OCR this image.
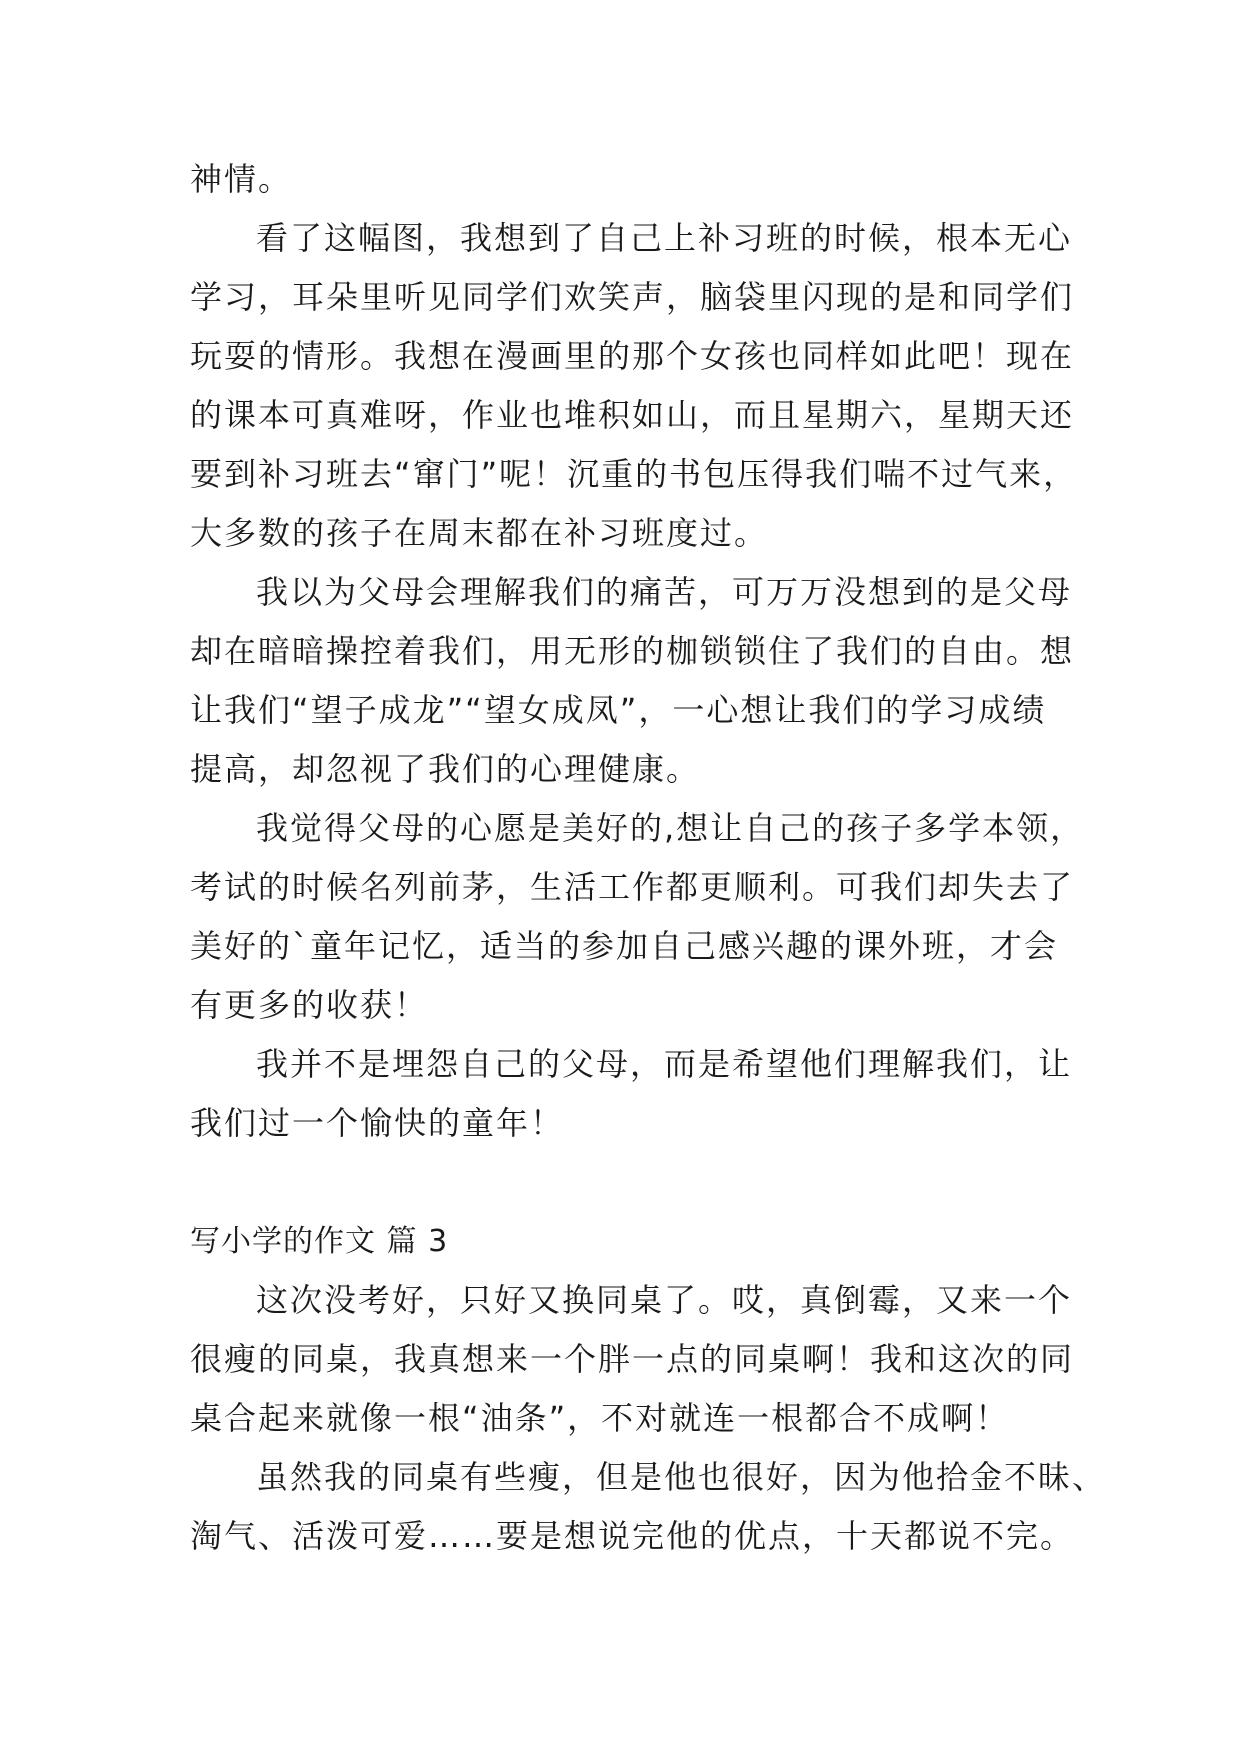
神情。
看了这幅图，我想到了自己上补习班的时候，根本无心
学习，耳朵里听见同学们欢笑声，脑袋里闪现的是和同学们
玩耍的情形。我想在漫画里的那个女孩也同样如此吧！现在
的课本可真难呀，作业也堆积如山，而且星期六，星期天还
要到补习班去“窜门”呢！沉重的书包压得我们喘不过气来，
大多数的孩子在周末都在补习班度过。
我以为父母会理解我们的痛苦，可万万没想到的是父母
却在暗暗操控着我们，用无形的枷锁锁住了我们的自由。想
让我们“望子成龙”“望女成凤”，一心想让我们的学习成绩
提高，却忽视了我们的心理健康。
我觉得父母的心愿是美好的,想让自己的孩子多学本领，
考试的时候名列前茅，生活工作都更顺利。可我们却失去了
美好的`童年记忆，适当的参加自己感兴趣的课外班，才会
有更多的收获！
我并不是埋怨自己的父母，而是希望他们理解我们，让
我们过一个愉快的童年！
写小学的作文 篇 3
这次没考好，只好又换同桌了。哎，真倒霉，又来一个
很瘦的同桌，我真想来一个胖一点的同桌啊！我和这次的同
桌合起来就像一根“油条”，不对就连一根都合不成啊！
虽然我的同桌有些瘦，但是他也很好，因为他拾金不昧、
淘气、活泼可爱……要是想说完他的优点，十天都说不完。
